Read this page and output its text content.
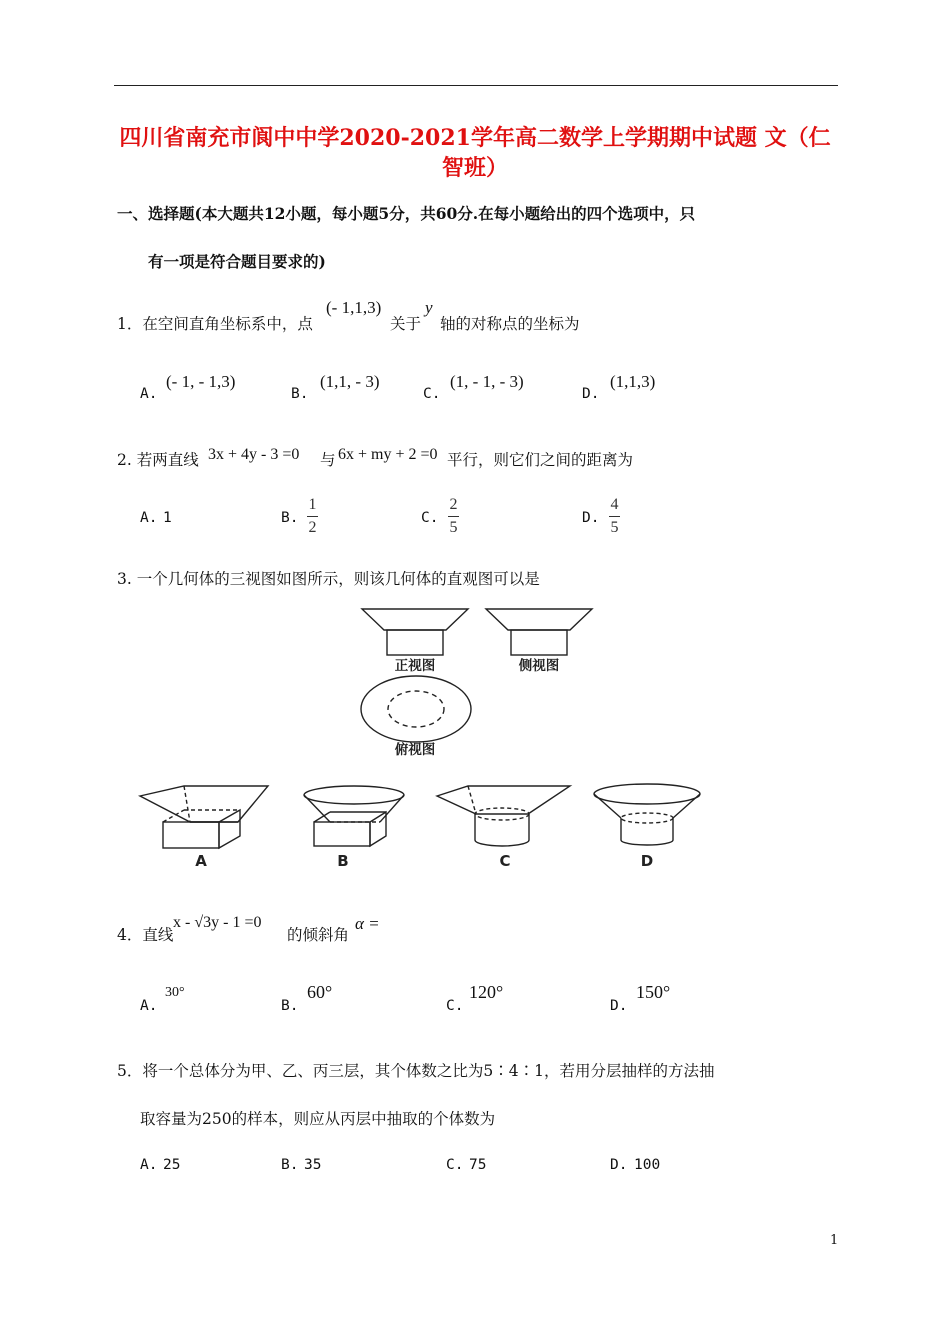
四川省南充市阆中中学2020-2021学年高二数学上学期期中试题 文（仁
智班）
一、选择题(本大题共12小题，每小题5分，共60分.在每小题给出的四个选项中，只
有一项是符合题目要求的)
1．在空间直角坐标系中，点
(- 1,1,3)
关于
y
轴的对称点的坐标为
A.
(- 1, - 1,3)
B.
(1,1, - 3)
C.
(1, - 1, - 3)
D.
(1,1,3)
2. 若两直线 3x + 4y - 3 =0 与 6x + my + 2 =0 平行，则它们之间的距离为
A. 1	B. $\frac{1}{2}$	C. $\frac{2}{5}$	D. $\frac{4}{5}$
3. 一个几何体的三视图如图所示，则该几何体的直观图可以是
正视图	侧视图
俯视图
A	B	C	D
4．直线
x - √3y - 1 =0
的倾斜角
α =
A.
30°
B.
60°
C.
120°
D.
150°
5．将一个总体分为甲、乙、丙三层，其个体数之比为5∶4∶1，若用分层抽样的方法抽
取容量为250的样本，则应从丙层中抽取的个体数为
A. 25	B. 35	C. 75	D. 100
1
